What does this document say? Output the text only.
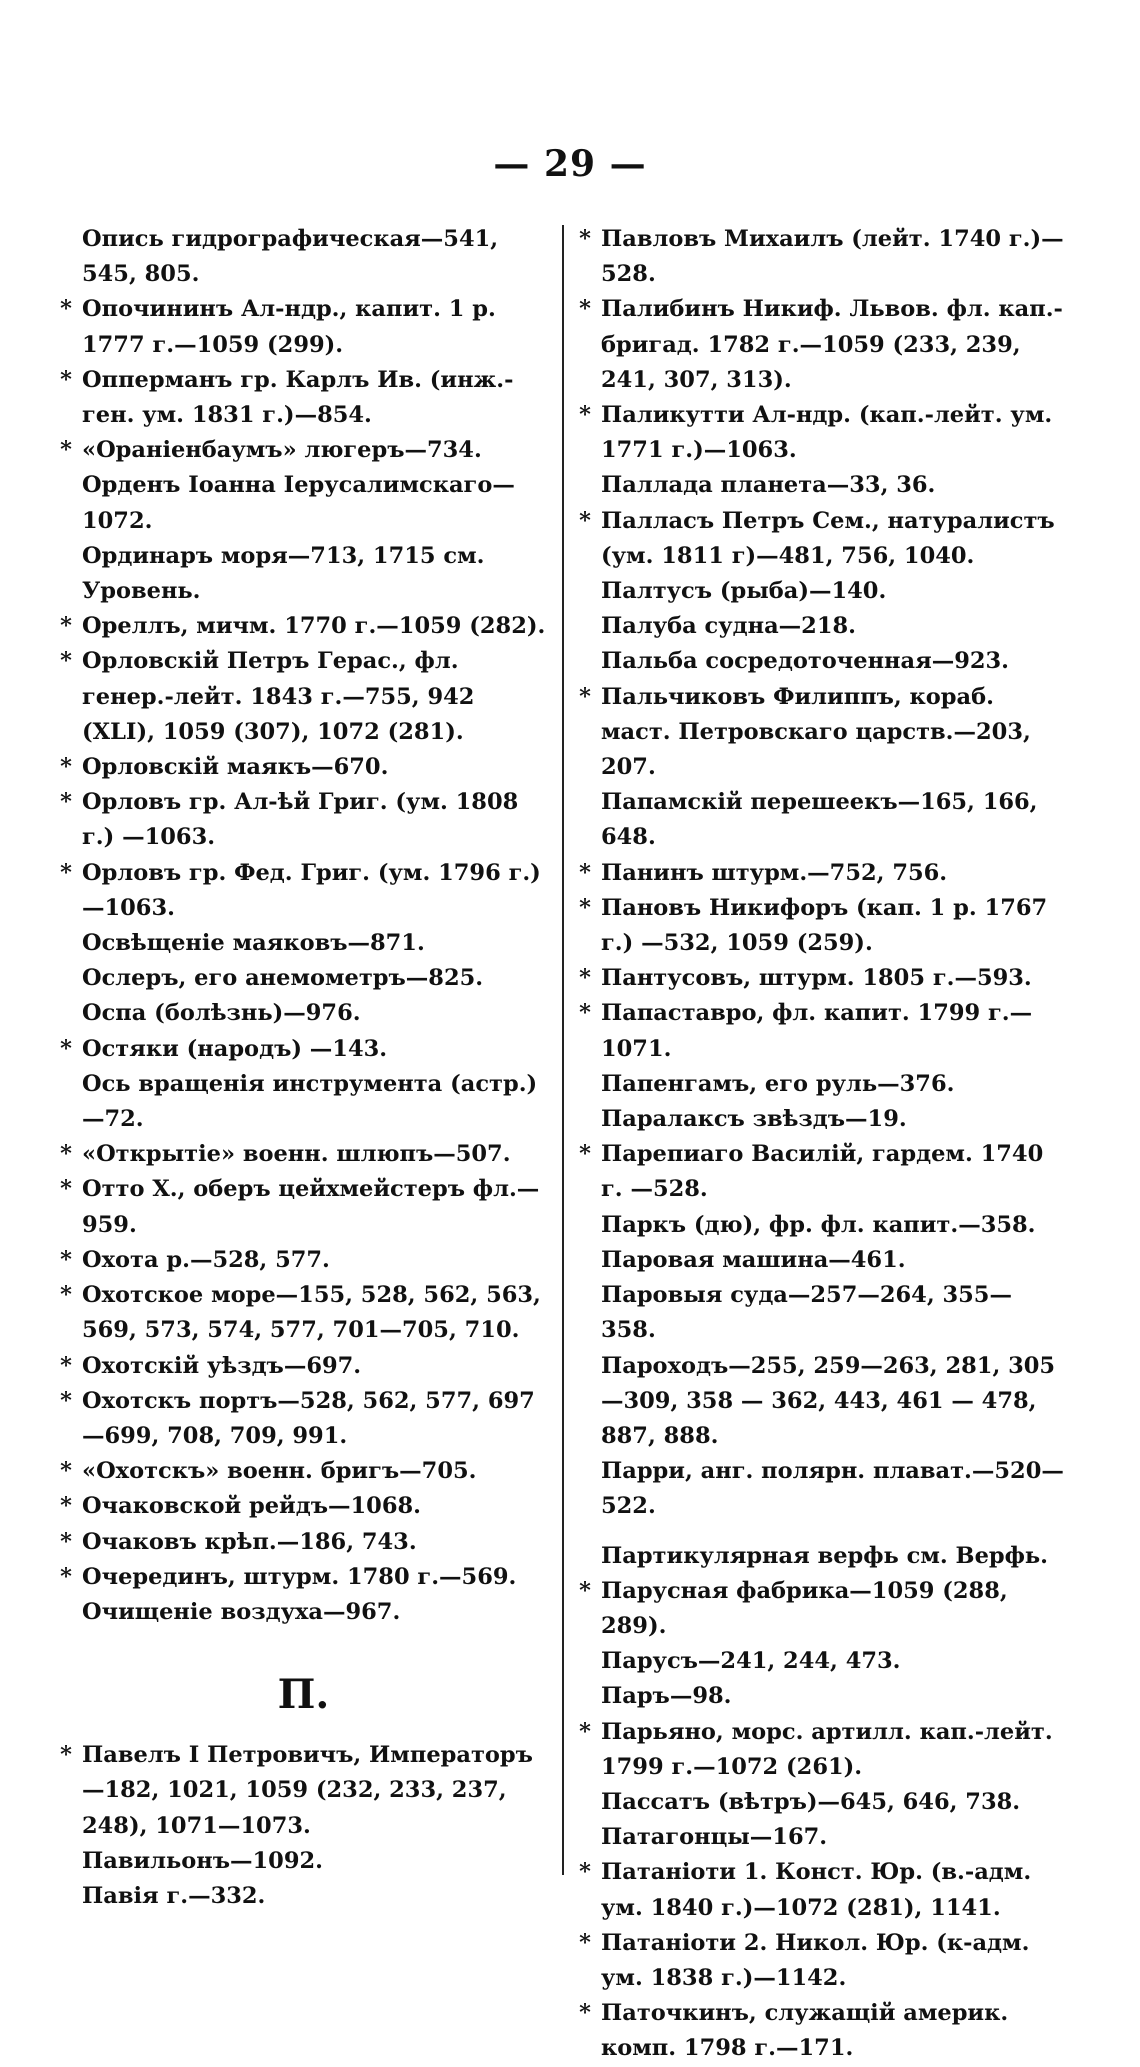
— 29 —
Опись гидрографическая—541, 545, 805.
* Опочининъ Ал-ндр., капит. 1 р. 1777 г.—1059 (299).
* Опперманъ гр. Карлъ Ив. (инж.-ген. ум. 1831 г.)—854.
* «Ораніенбаумъ» люгеръ—734.
Орденъ Іоанна Іерусалимскаго—1072.
Ординаръ моря—713, 1715 см. Уровень.
* Ореллъ, мичм. 1770 г.—1059 (282).
* Орловскій Петръ Герас., фл. генер.-лейт. 1843 г.—755, 942 (XLI), 1059 (307), 1072 (281).
* Орловскій маякъ—670.
* Орловъ гр. Ал-ѣй Григ. (ум. 1808 г.) —1063.
* Орловъ гр. Фед. Григ. (ум. 1796 г.) —1063.
Освѣщеніе маяковъ—871.
Ослеръ, его анемометръ—825.
Оспа (болѣзнь)—976.
* Остяки (народъ) —143.
Ось вращенія инструмента (астр.)—72.
* «Открытіе» военн. шлюпъ—507.
* Отто X., оберъ цейхмейстеръ фл.—959.
* Охота р.—528, 577.
* Охотское море—155, 528, 562, 563, 569, 573, 574, 577, 701—705, 710.
* Охотскій уѣздъ—697.
* Охотскъ портъ—528, 562, 577, 697—699, 708, 709, 991.
* «Охотскъ» военн. бригъ—705.
* Очаковской рейдъ—1068.
* Очаковъ крѣп.—186, 743.
* Очерединъ, штурм. 1780 г.—569.
Очищеніе воздуха—967.
П.
* Павелъ I Петровичъ, Императоръ—182, 1021, 1059 (232, 233, 237, 248), 1071—1073.
Павильонъ—1092.
Павія г.—332.
* Павловъ Михаилъ (лейт. 1740 г.)—528.
* Палибинъ Никиф. Львов. фл. кап.-бригад. 1782 г.—1059 (233, 239, 241, 307, 313).
* Паликутти Ал-ндр. (кап.-лейт. ум. 1771 г.)—1063.
Паллада планета—33, 36.
* Палласъ Петръ Сем., натуралистъ (ум. 1811 г)—481, 756, 1040.
Палтусъ (рыба)—140.
Палуба судна—218.
Пальба сосредоточенная—923.
* Пальчиковъ Филиппъ, кораб. маст. Петровскаго царств.—203, 207.
Папамскій перешеекъ—165, 166, 648.
* Панинъ штурм.—752, 756.
* Пановъ Никифоръ (кап. 1 р. 1767 г.) —532, 1059 (259).
* Пантусовъ, штурм. 1805 г.—593.
* Папаставро, фл. капит. 1799 г.—1071.
Папенгамъ, его руль—376.
Паралаксъ звѣздъ—19.
* Парепиаго Василій, гардем. 1740 г. —528.
Паркъ (дю), фр. фл. капит.—358.
Паровая машина—461.
Паровыя суда—257—264, 355—358.
Пароходъ—255, 259—263, 281, 305—309, 358 — 362, 443, 461 — 478, 887, 888.
Парри, анг. полярн. плават.—520—522.
Партикулярная верфь см. Верфь.
* Парусная фабрика—1059 (288, 289).
Парусъ—241, 244, 473.
Паръ—98.
* Парьяно, морс. артилл. кап.-лейт. 1799 г.—1072 (261).
Пассатъ (вѣтръ)—645, 646, 738.
Патагонцы—167.
* Патаніоти 1. Конст. Юр. (в.-адм. ум. 1840 г.)—1072 (281), 1141.
* Патаніоти 2. Никол. Юр. (к-адм. ум. 1838 г.)—1142.
* Паточкинъ, служащій америк. комп. 1798 г.—171.
